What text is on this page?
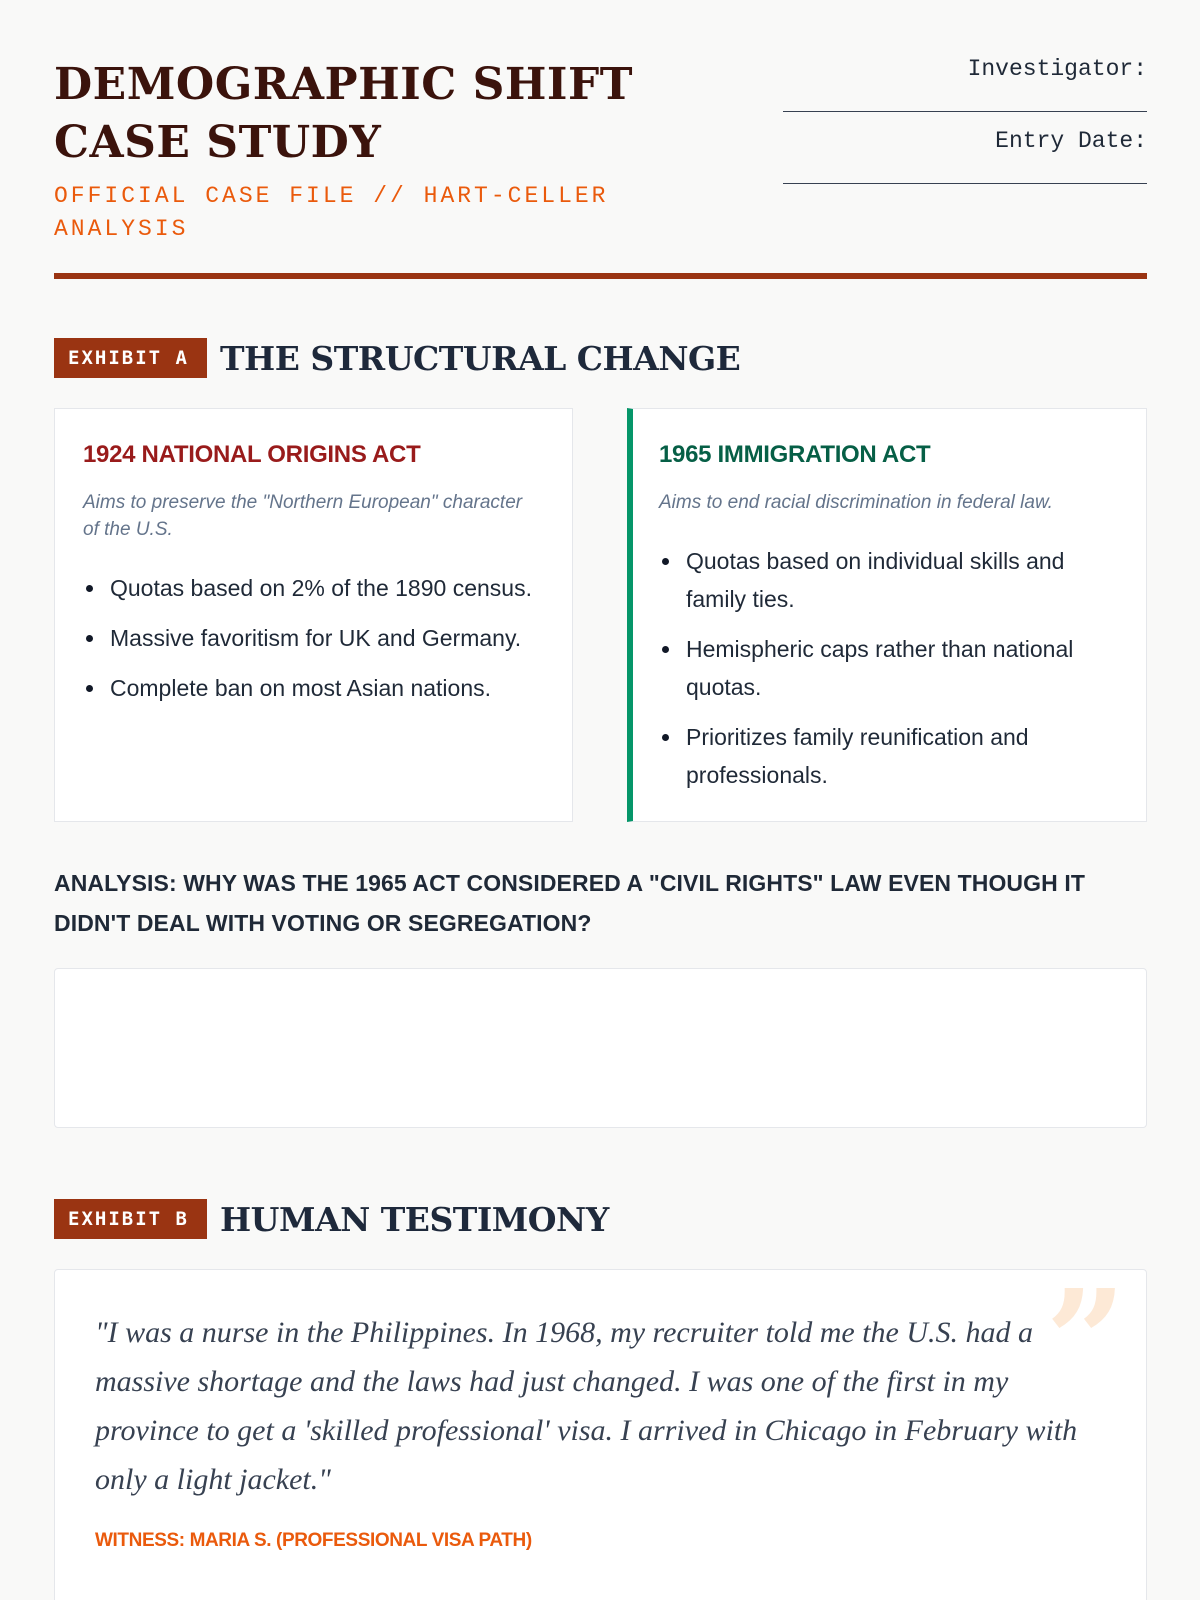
DEMOGRAPHIC SHIFT CASE STUDY
OFFICIAL CASE FILE // HART-CELLER ANALYSIS
Investigator:
Entry Date:
EXHIBIT A THE STRUCTURAL CHANGE
1924 NATIONAL ORIGINS ACT

Aims to preserve the "Northern European" character of the U.S.

Quotas based on 2% of the 1890 census.
Massive favoritism for UK and Germany.
Complete ban on most Asian nations.
1965 IMMIGRATION ACT

Aims to end racial discrimination in federal law.

Quotas based on individual skills and family ties.
Hemispheric caps rather than national quotas.
Prioritizes family reunification and professionals.
ANALYSIS: WHY WAS THE 1965 ACT CONSIDERED A "CIVIL RIGHTS" LAW EVEN THOUGH IT DIDN'T DEAL WITH VOTING OR SEGREGATION?
EXHIBIT B HUMAN TESTIMONY
”

"I was a nurse in the Philippines. In 1968, my recruiter told me the U.S. had a massive shortage and the laws had just changed. I was one of the first in my province to get a 'skilled professional' visa. I arrived in Chicago in February with only a light jacket."

WITNESS: MARIA S. (PROFESSIONAL VISA PATH)
